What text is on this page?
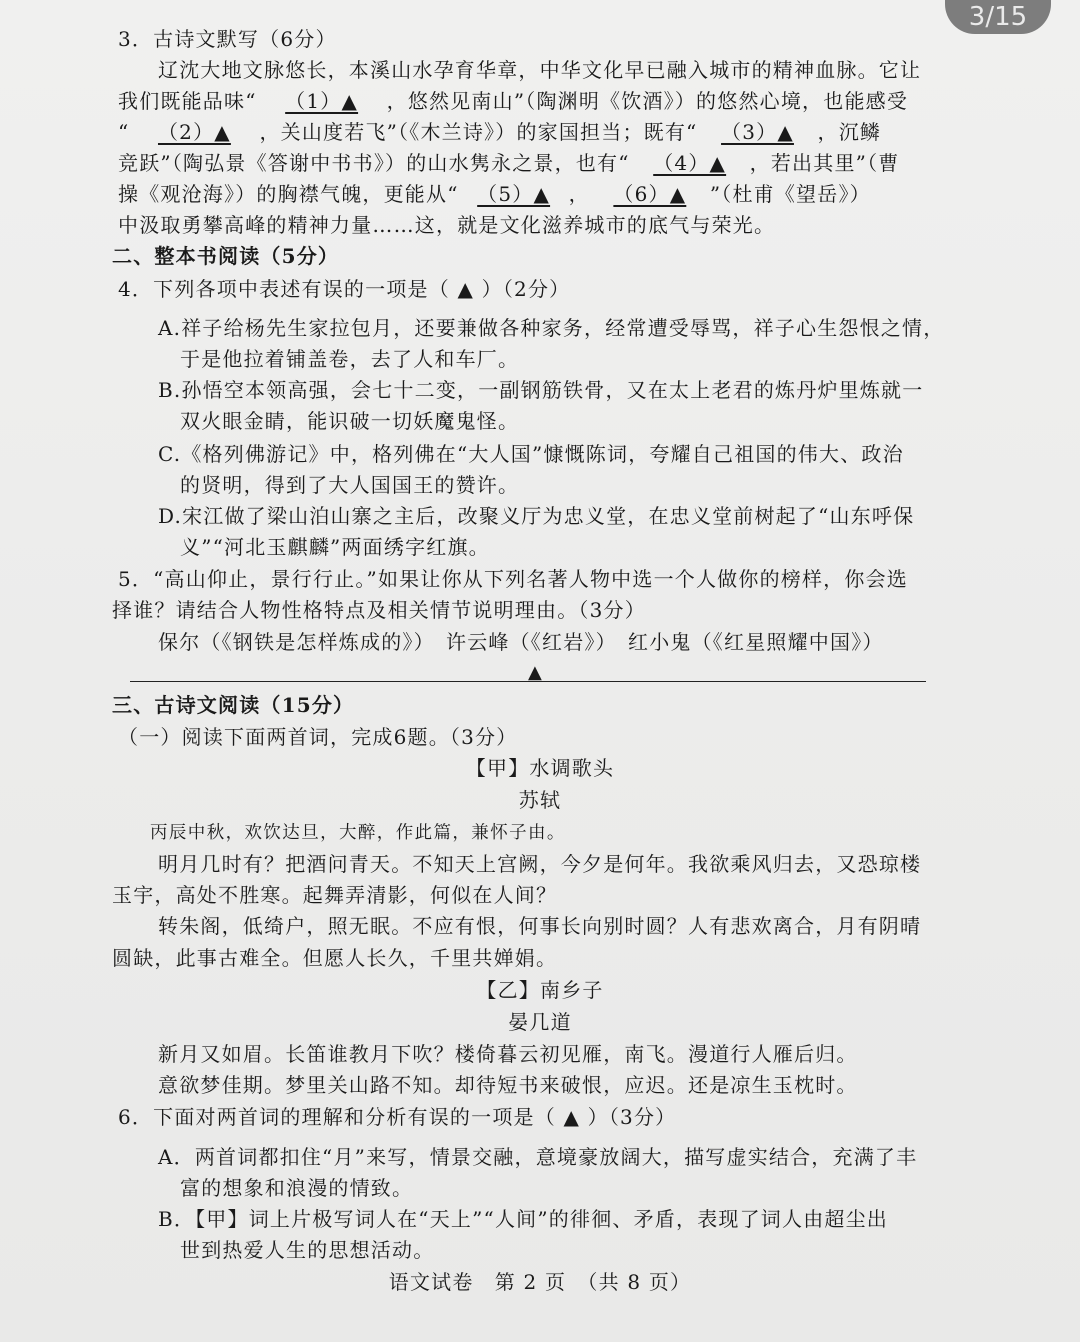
3/15
3．古诗文默写（6分）
辽沈大地文脉悠长，本溪山水孕育华章，中华文化早已融入城市的精神血脉。它让
我们既能品味“ （1）▲ ，悠然见南山”（陶渊明《饮酒》）的悠然心境，也能感受
“ （2）▲ ，关山度若飞”（《木兰诗》）的家国担当；既有“ （3）▲ ，沉鳞
竞跃”（陶弘景《答谢中书书》）的山水隽永之景，也有“ （4）▲ ，若出其里”（曹
操《观沧海》）的胸襟气魄，更能从“ （5）▲ ， （6）▲ ”（杜甫《望岳》）
中汲取勇攀高峰的精神力量……这，就是文化滋养城市的底气与荣光。
二、整本书阅读（5分）
4．下列各项中表述有误的一项是（ ▲ ）（2分）
A.祥子给杨先生家拉包月，还要兼做各种家务，经常遭受辱骂，祥子心生怨恨之情，
于是他拉着铺盖卷，去了人和车厂。
B.孙悟空本领高强，会七十二变，一副钢筋铁骨，又在太上老君的炼丹炉里炼就一
双火眼金睛，能识破一切妖魔鬼怪。
C.《格列佛游记》中，格列佛在“大人国”慷慨陈词，夸耀自己祖国的伟大、政治
的贤明，得到了大人国国王的赞许。
D.宋江做了梁山泊山寨之主后，改聚义厅为忠义堂，在忠义堂前树起了“山东呼保
义”“河北玉麒麟”两面绣字红旗。
5．“高山仰止，景行行止。”如果让你从下列名著人物中选一个人做你的榜样，你会选
择谁？请结合人物性格特点及相关情节说明理由。（3分）
保尔（《钢铁是怎样炼成的》）　许云峰（《红岩》）　红小鬼（《红星照耀中国》）
▲
三、古诗文阅读（15分）
（一）阅读下面两首词，完成6题。（3分）
【甲】水调歌头
苏轼
丙辰中秋，欢饮达旦，大醉，作此篇，兼怀子由。
明月几时有？把酒问青天。不知天上宫阙，今夕是何年。我欲乘风归去，又恐琼楼
玉宇，高处不胜寒。起舞弄清影，何似在人间？
转朱阁，低绮户，照无眠。不应有恨，何事长向别时圆？人有悲欢离合，月有阴晴
圆缺，此事古难全。但愿人长久，千里共婵娟。
【乙】南乡子
晏几道
新月又如眉。长笛谁教月下吹？楼倚暮云初见雁，南飞。漫道行人雁后归。
意欲梦佳期。梦里关山路不知。却待短书来破恨，应迟。还是凉生玉枕时。
6．下面对两首词的理解和分析有误的一项是（ ▲ ）（3分）
A．两首词都扣住“月”来写，情景交融，意境豪放阔大，描写虚实结合，充满了丰
富的想象和浪漫的情致。
B．【甲】词上片极写词人在“天上”“人间”的徘徊、矛盾，表现了词人由超尘出
世到热爱人生的思想活动。
语文试卷　第 2 页　（共 8 页）
